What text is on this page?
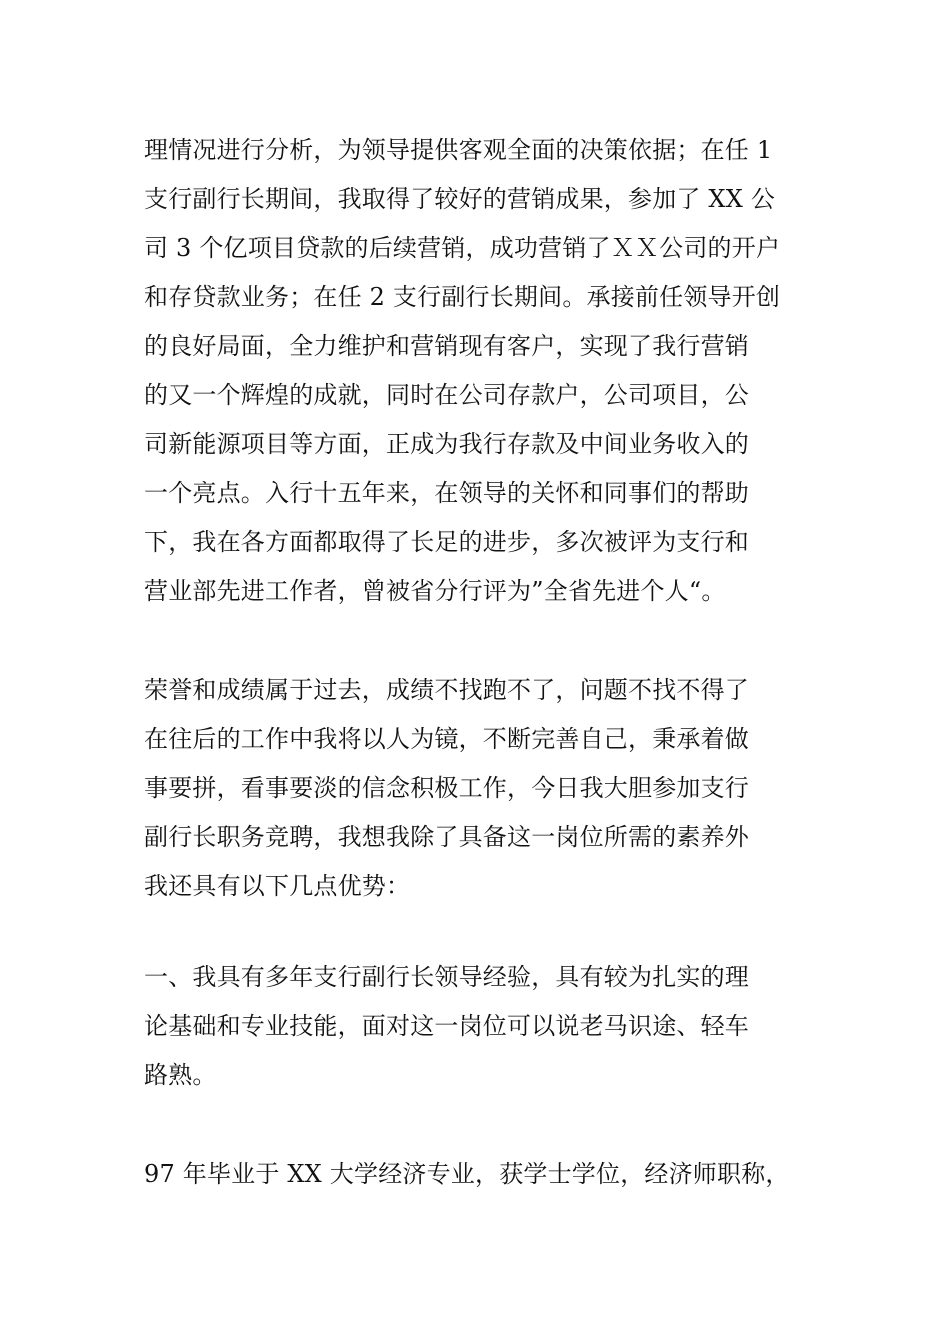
理情况进行分析，为领导提供客观全面的决策依据；在任 1
支行副行长期间，我取得了较好的营销成果，参加了 XX 公
司 3 个亿项目贷款的后续营销，成功营销了ＸＸ公司的开户
和存贷款业务；在任 2 支行副行长期间。承接前任领导开创
的良好局面，全力维护和营销现有客户，实现了我行营销
的又一个辉煌的成就，同时在公司存款户，公司项目，公
司新能源项目等方面，正成为我行存款及中间业务收入的
一个亮点。入行十五年来，在领导的关怀和同事们的帮助
下，我在各方面都取得了长足的进步，多次被评为支行和
营业部先进工作者，曾被省分行评为”全省先进个人“。
荣誉和成绩属于过去，成绩不找跑不了，问题不找不得了
在往后的工作中我将以人为镜，不断完善自己，秉承着做
事要拼，看事要淡的信念积极工作，今日我大胆参加支行
副行长职务竞聘，我想我除了具备这一岗位所需的素养外
我还具有以下几点优势：
一、我具有多年支行副行长领导经验，具有较为扎实的理
论基础和专业技能，面对这一岗位可以说老马识途、轻车
路熟。
97 年毕业于 XX 大学经济专业，获学士学位，经济师职称，
